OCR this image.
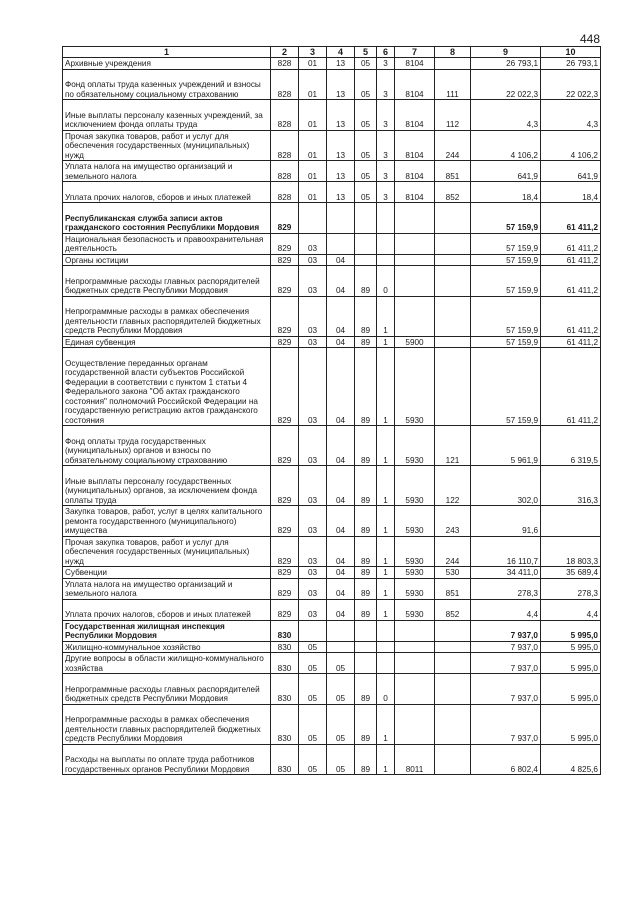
448
1	2	3	4	5	6	7	8	9	10
Архивные учреждения	828	01	13	05	3	8104		26 793,1	26 793,1
Фонд оплаты труда казенных учреждений и взносы по обязательному социальному страхованию	828	01	13	05	3	8104	111	22 022,3	22 022,3
Иные выплаты персоналу казенных учреждений, за исключением фонда оплаты труда	828	01	13	05	3	8104	112	4,3	4,3
Прочая закупка товаров, работ и услуг для обеспечения государственных (муниципальных) нужд	828	01	13	05	3	8104	244	4 106,2	4 106,2
Уплата налога на имущество организаций и земельного налога	828	01	13	05	3	8104	851	641,9	641,9
Уплата прочих налогов, сборов и иных платежей	828	01	13	05	3	8104	852	18,4	18,4
Республиканская служба записи актов гражданского состояния Республики Мордовия	829							57 159,9	61 411,2
Национальная безопасность и правоохранительная деятельность	829	03						57 159,9	61 411,2
Органы юстиции	829	03	04					57 159,9	61 411,2
Непрограммные расходы главных распорядителей бюджетных средств Республики Мордовия	829	03	04	89	0			57 159,9	61 411,2
Непрограммные расходы в рамках обеспечения деятельности главных распорядителей бюджетных средств Республики Мордовия	829	03	04	89	1			57 159,9	61 411,2
Единая субвенция	829	03	04	89	1	5900		57 159,9	61 411,2
Осуществление переданных органам государственной власти субъектов Российской Федерации в соответствии с пунктом 1 статьи 4 Федерального закона "Об актах гражданского состояния" полномочий Российской Федерации на государственную регистрацию актов гражданского состояния	829	03	04	89	1	5930		57 159,9	61 411,2
Фонд оплаты труда государственных (муниципальных) органов и взносы по обязательному социальному страхованию	829	03	04	89	1	5930	121	5 961,9	6 319,5
Иные выплаты персоналу государственных (муниципальных) органов, за исключением фонда оплаты труда	829	03	04	89	1	5930	122	302,0	316,3
Закупка товаров, работ, услуг в целях капитального ремонта государственного (муниципального) имущества	829	03	04	89	1	5930	243	91,6	
Прочая закупка товаров, работ и услуг для обеспечения государственных (муниципальных) нужд	829	03	04	89	1	5930	244	16 110,7	18 803,3
Субвенции	829	03	04	89	1	5930	530	34 411,0	35 689,4
Уплата налога на имущество организаций и земельного налога	829	03	04	89	1	5930	851	278,3	278,3
Уплата прочих налогов, сборов и иных платежей	829	03	04	89	1	5930	852	4,4	4,4
Государственная жилищная инспекция Республики Мордовия	830							7 937,0	5 995,0
Жилищно-коммунальное хозяйство	830	05						7 937,0	5 995,0
Другие вопросы в области жилищно-коммунального хозяйства	830	05	05					7 937,0	5 995,0
Непрограммные расходы главных распорядителей бюджетных средств Республики Мордовия	830	05	05	89	0			7 937,0	5 995,0
Непрограммные расходы в рамках обеспечения деятельности главных распорядителей бюджетных средств Республики Мордовия	830	05	05	89	1			7 937,0	5 995,0
Расходы на выплаты по оплате труда работников государственных органов Республики Мордовия	830	05	05	89	1	8011		6 802,4	4 825,6
